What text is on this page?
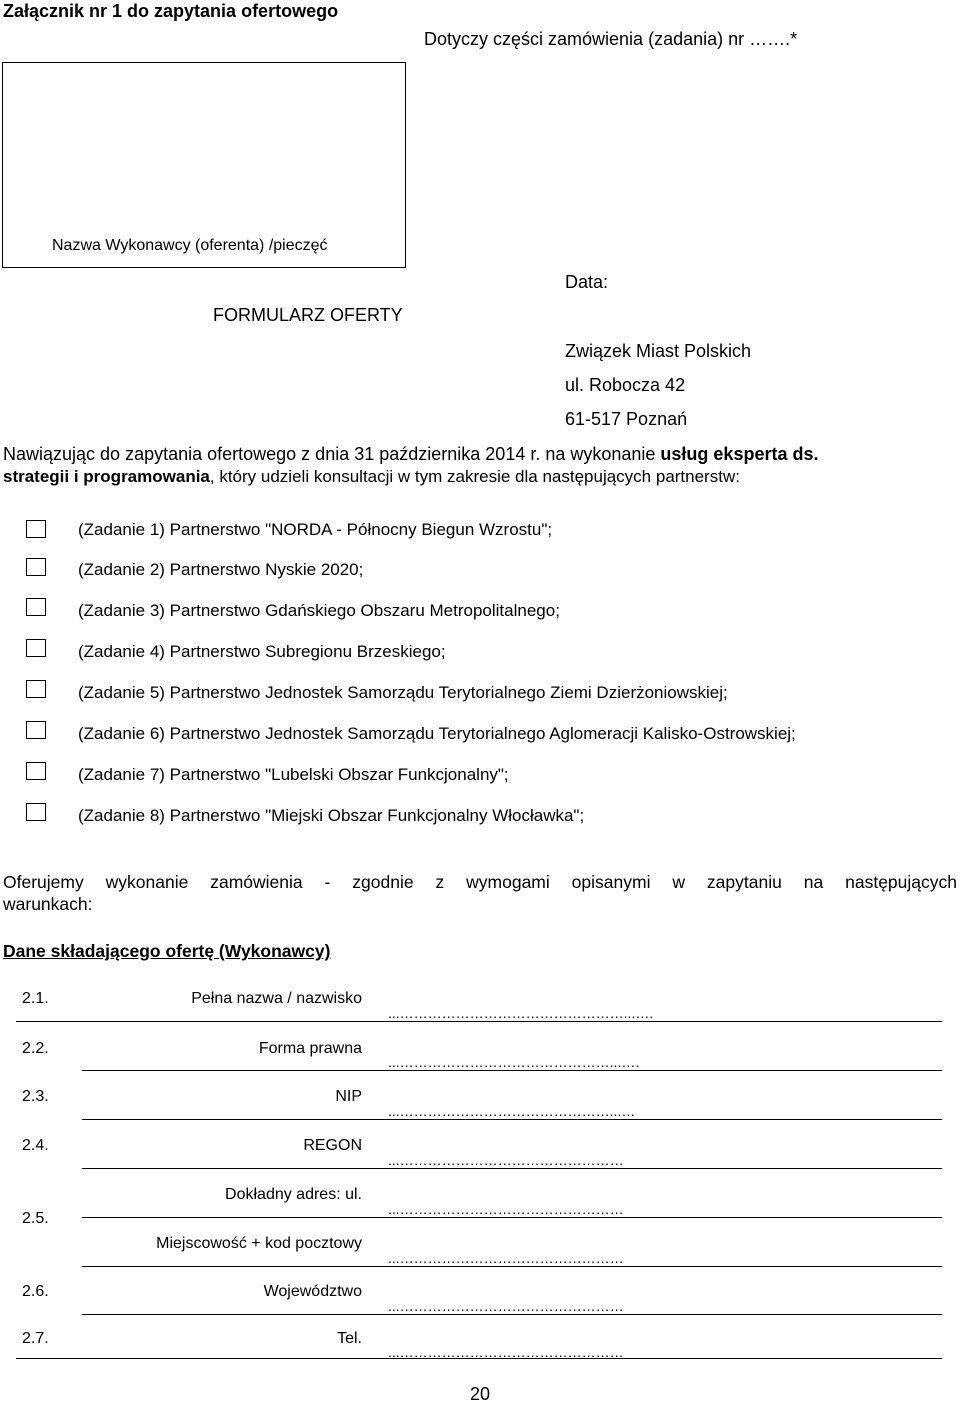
Załącznik nr 1 do zapytania ofertowego
Dotyczy części zamówienia (zadania) nr …….*
Nazwa Wykonawcy (oferenta) /pieczęć
Data:
FORMULARZ OFERTY
Związek Miast Polskich
ul. Robocza 42
61-517 Poznań
Nawiązując do zapytania ofertowego z dnia 31 października 2014 r. na wykonanie usług eksperta ds.
strategii i programowania, który udzieli konsultacji w tym zakresie dla następujących partnerstw:
(Zadanie 1) Partnerstwo "NORDA - Północny Biegun Wzrostu";
(Zadanie 2) Partnerstwo Nyskie 2020;
(Zadanie 3) Partnerstwo Gdańskiego Obszaru Metropolitalnego;
(Zadanie 4) Partnerstwo Subregionu Brzeskiego;
(Zadanie 5) Partnerstwo Jednostek Samorządu Terytorialnego Ziemi Dzierżoniowskiej;
(Zadanie 6) Partnerstwo Jednostek Samorządu Terytorialnego Aglomeracji Kalisko-Ostrowskiej;
(Zadanie 7) Partnerstwo "Lubelski Obszar Funkcjonalny";
(Zadanie 8) Partnerstwo "Miejski Obszar Funkcjonalny Włocławka";
Oferujemy wykonanie zamówienia - zgodnie z wymogami opisanymi w zapytaniu na następujących
warunkach:
Dane składającego ofertę (Wykonawcy)
2.1.	Pełna nazwa / nazwisko
...…………………………………………...….
2.2.	Forma prawna
...………………………………………...….
2.3.	NIP
...………………………………………...…
2.4.	REGON
...…………………………………………
2.5.
Dokładny adres: ul.
...…………………………………………
Miejscowość + kod pocztowy
...…………………………………………
2.6.	Województwo
...…………………………………………
2.7.	Tel.
...…………………………………………
20
